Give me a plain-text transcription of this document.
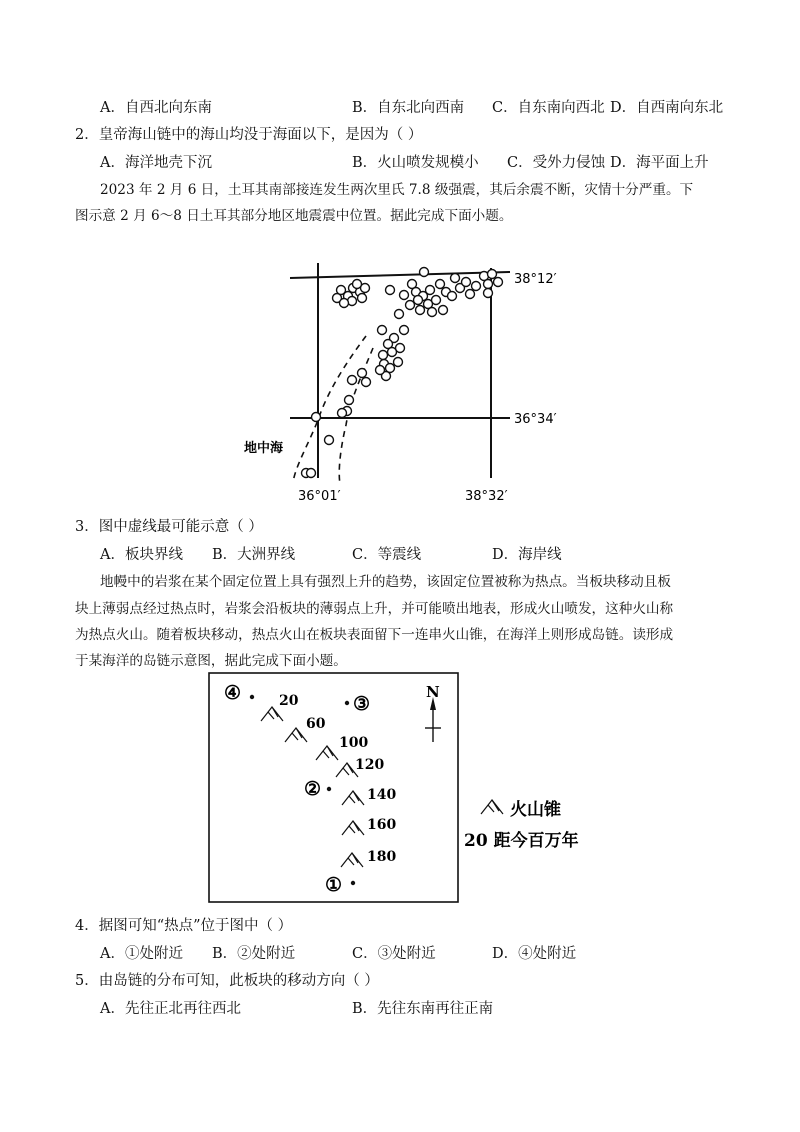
A．自西北向东南	B．自东北向西南 C．自东南向西北 D．自西南向东北
2．皇帝海山链中的海山均没于海面以下，是因为（ ）
A．海洋地壳下沉	B．火山喷发规模小 C．受外力侵蚀 D．海平面上升
2023 年 2 月 6 日，土耳其南部接连发生两次里氏 7.8 级强震，其后余震不断，灾情十分严重。下
图示意 2 月 6～8 日土耳其部分地区地震震中位置。据此完成下面小题。
38°12′
36°34′
36°01′	38°32′
地中海
3．图中虚线最可能示意（ ）
A．板块界线 B．大洲界线	C．等震线	D．海岸线
地幔中的岩浆在某个固定位置上具有强烈上升的趋势，该固定位置被称为热点。当板块移动且板
块上薄弱点经过热点时，岩浆会沿板块的薄弱点上升，并可能喷出地表，形成火山喷发，这种火山称
为热点火山。随着板块移动，热点火山在板块表面留下一连串火山锥，在海洋上则形成岛链。读形成
于某海洋的岛链示意图，据此完成下面小题。
N
④	③
②
①
20
60
100
120
140
160
180
火山锥
20 距今百万年
4．据图可知“热点”位于图中（ ）
A．①处附近 B．②处附近	C．③处附近	D．④处附近
5．由岛链的分布可知，此板块的移动方向（ ）
A．先往正北再往西北	B．先往东南再往正南
